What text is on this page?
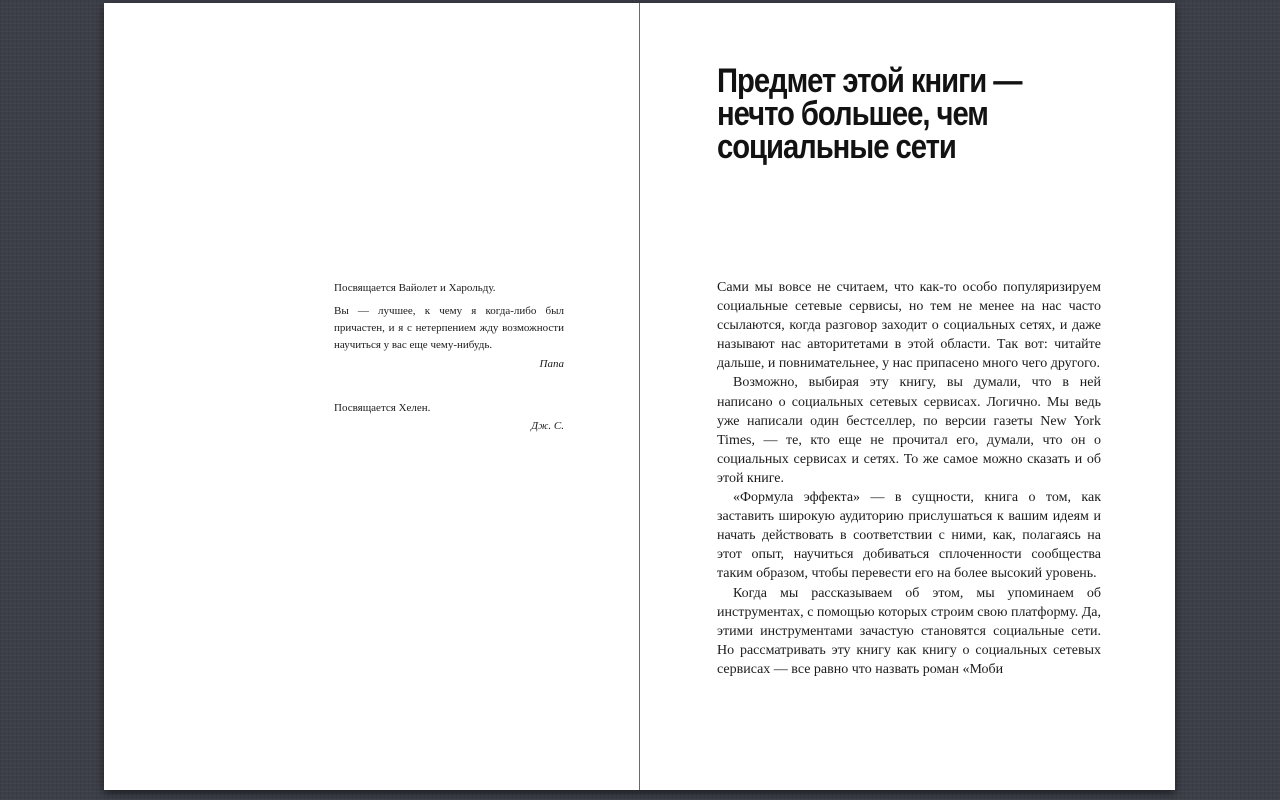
Посвящается Вайолет и Харольду.

Вы — лучшее, к чему я когда-либо был причастен, и я с нетерпением жду возможности научиться у вас еще чему-нибудь.

Папа

Посвящается Хелен.

Дж. С.

Предмет этой книги —
нечто большее, чем
социальные сети

Сами мы вовсе не считаем, что как-то особо популяризируем социальные сетевые сервисы, но тем не менее на нас часто ссылаются, когда разговор заходит о социальных сетях, и даже называют нас авторитетами в этой области. Так вот: читайте дальше, и повнимательнее, у нас припасено много чего другого.

Возможно, выбирая эту книгу, вы думали, что в ней написано о социальных сетевых сервисах. Логично. Мы ведь уже написали один бестселлер, по версии газеты New York Times, — те, кто еще не прочитал его, думали, что он о социальных сервисах и сетях. То же самое можно сказать и об этой книге.

«Формула эффекта» — в сущности, книга о том, как заставить широкую аудиторию прислушаться к вашим идеям и начать действовать в соответствии с ними, как, полагаясь на этот опыт, научиться добиваться сплоченности сообщества таким образом, чтобы перевести его на более высокий уровень.

Когда мы рассказываем об этом, мы упоминаем об инструментах, с помощью которых строим свою платформу. Да, этими инструментами зачастую становятся социальные сети. Но рассматривать эту книгу как книгу о социальных сетевых сервисах — все равно что назвать роман «Моби
